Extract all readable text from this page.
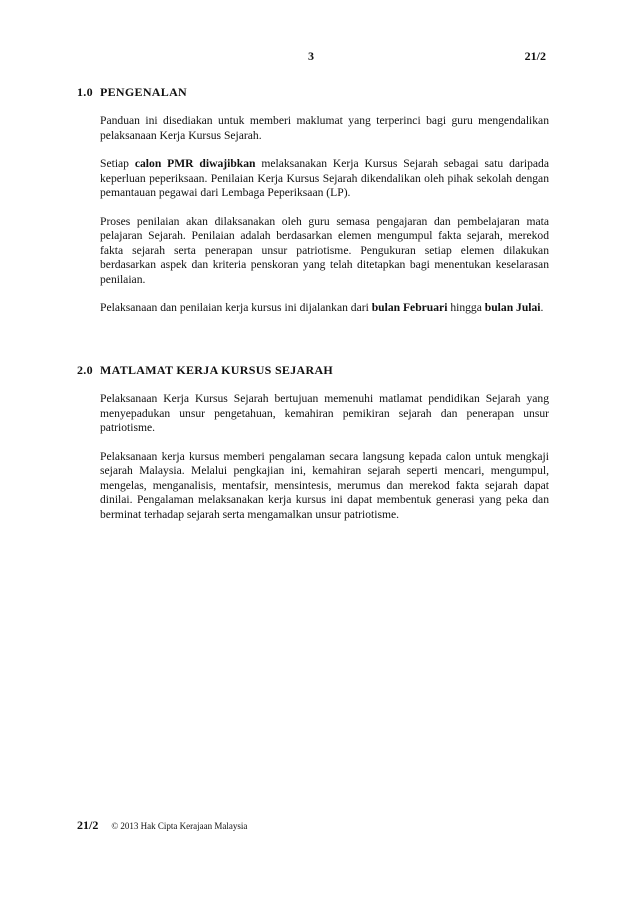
3	21/2
1.0 PENGENALAN

Panduan ini disediakan untuk memberi maklumat yang terperinci bagi guru mengendalikan pelaksanaan Kerja Kursus Sejarah.

Setiap calon PMR diwajibkan melaksanakan Kerja Kursus Sejarah sebagai satu daripada keperluan peperiksaan. Penilaian Kerja Kursus Sejarah dikendalikan oleh pihak sekolah dengan pemantauan pegawai dari Lembaga Peperiksaan (LP).

Proses penilaian akan dilaksanakan oleh guru semasa pengajaran dan pembelajaran mata pelajaran Sejarah. Penilaian adalah berdasarkan elemen mengumpul fakta sejarah, merekod fakta sejarah serta penerapan unsur patriotisme. Pengukuran setiap elemen dilakukan berdasarkan aspek dan kriteria penskoran yang telah ditetapkan bagi menentukan keselarasan penilaian.

Pelaksanaan dan penilaian kerja kursus ini dijalankan dari bulan Februari hingga bulan Julai.

2.0 MATLAMAT KERJA KURSUS SEJARAH

Pelaksanaan Kerja Kursus Sejarah bertujuan memenuhi matlamat pendidikan Sejarah yang menyepadukan unsur pengetahuan, kemahiran pemikiran sejarah dan penerapan unsur patriotisme.

Pelaksanaan kerja kursus memberi pengalaman secara langsung kepada calon untuk mengkaji sejarah Malaysia. Melalui pengkajian ini, kemahiran sejarah seperti mencari, mengumpul, mengelas, menganalisis, mentafsir, mensintesis, merumus dan merekod fakta sejarah dapat dinilai. Pengalaman melaksanakan kerja kursus ini dapat membentuk generasi yang peka dan berminat terhadap sejarah serta mengamalkan unsur patriotisme.

21/2 © 2013 Hak Cipta Kerajaan Malaysia
